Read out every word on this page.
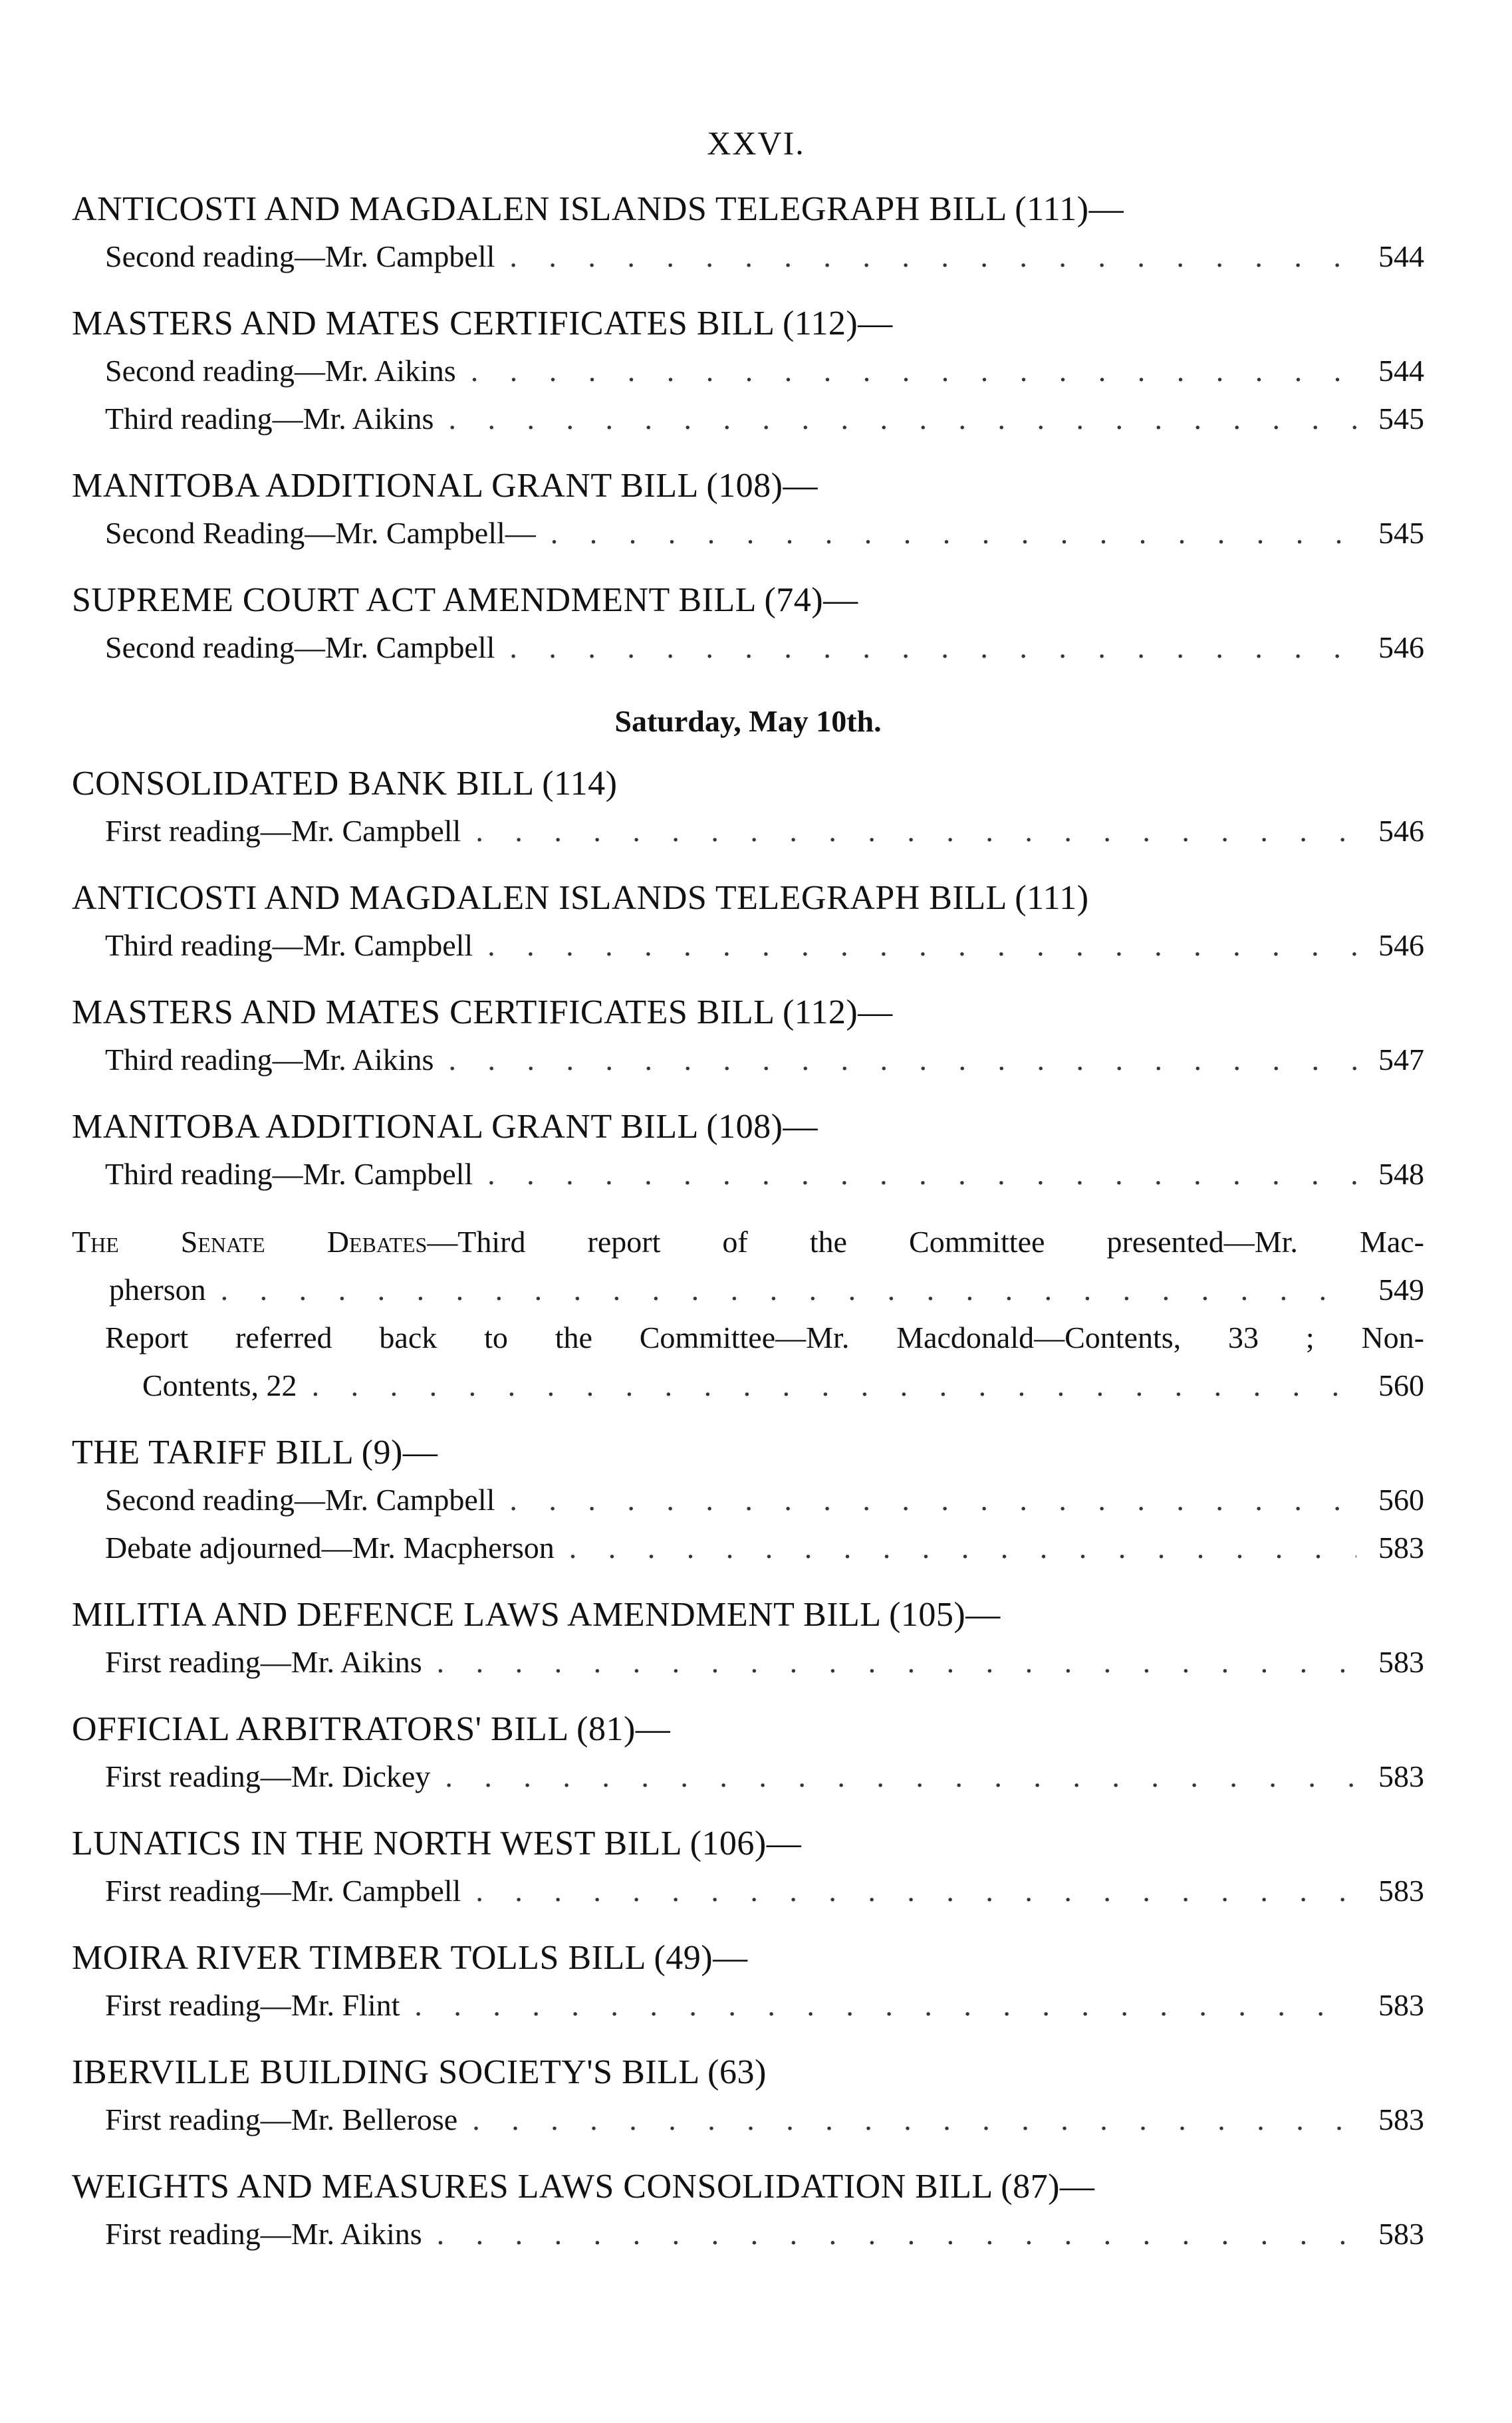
XXVI.
ANTICOSTI AND MAGDALEN ISLANDS TELEGRAPH BILL (111)—
Second reading—Mr. Campbell . . .	544
MASTERS AND MATES CERTIFICATES BILL (112)—
Second reading—Mr. Aikins . . .	544
Third reading—Mr. Aikins . . .	545
MANITOBA ADDITIONAL GRANT BILL (108)—
Second Reading—Mr. Campbell— . . .	545
SUPREME COURT ACT AMENDMENT BILL (74)—
Second reading—Mr. Campbell . . .	546
Saturday, May 10th.
CONSOLIDATED BANK BILL (114)
First reading—Mr. Campbell . . .	546
ANTICOSTI AND MAGDALEN ISLANDS TELEGRAPH BILL (111)
Third reading—Mr. Campbell . . .	546
MASTERS AND MATES CERTIFICATES BILL (112)—
Third reading—Mr. Aikins . . .	547
MANITOBA ADDITIONAL GRANT BILL (108)—
Third reading—Mr. Campbell . . .	548
The Senate Debates—Third report of the Committee presented—Mr. Mac-
pherson . . .	549
Report referred back to the Committee—Mr. Macdonald—Contents, 33 ; Non-
Contents, 22 . . .	560
THE TARIFF BILL (9)—
Second reading—Mr. Campbell . . .	560
Debate adjourned—Mr. Macpherson . . .	583
MILITIA AND DEFENCE LAWS AMENDMENT BILL (105)—
First reading—Mr. Aikins . . .	583
OFFICIAL ARBITRATORS' BILL (81)—
First reading—Mr. Dickey . . .	583
LUNATICS IN THE NORTH WEST BILL (106)—
First reading—Mr. Campbell . . .	583
MOIRA RIVER TIMBER TOLLS BILL (49)—
First reading—Mr. Flint . . .	583
IBERVILLE BUILDING SOCIETY'S BILL (63)
First reading—Mr. Bellerose . . .	583
WEIGHTS AND MEASURES LAWS CONSOLIDATION BILL (87)—
First reading—Mr. Aikins . . .	583
